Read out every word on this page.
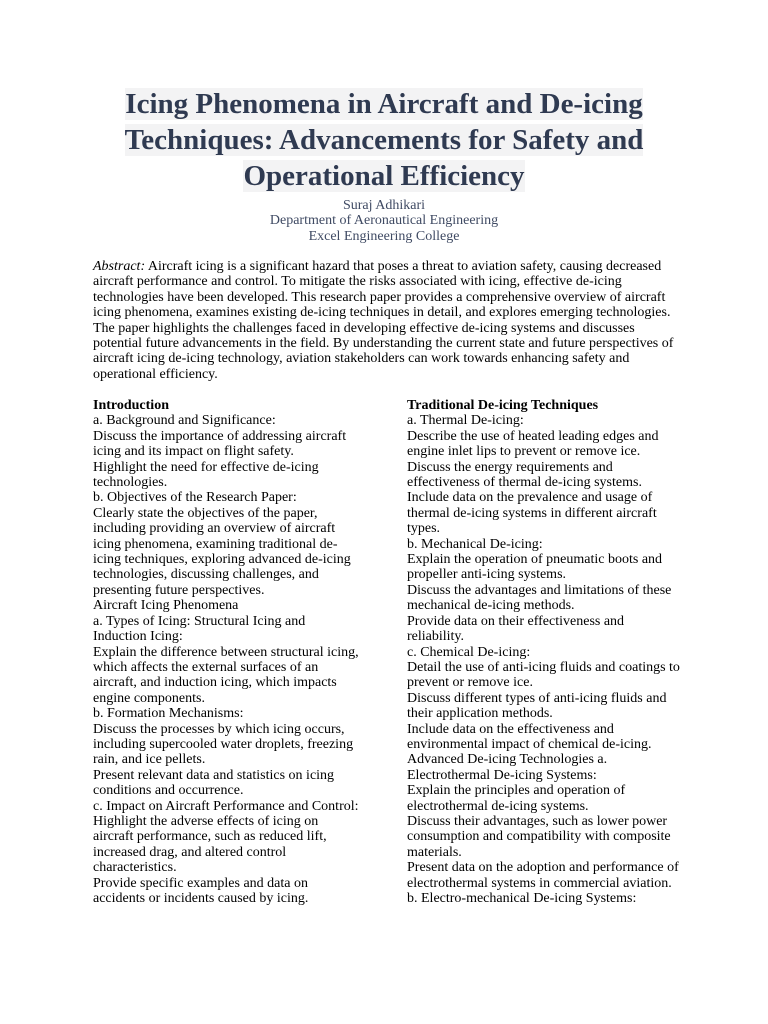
Icing Phenomena in Aircraft and De-icing
Techniques: Advancements for Safety and
Operational Efficiency
Suraj Adhikari
Department of Aeronautical Engineering
Excel Engineering College

Abstract: Aircraft icing is a significant hazard that poses a threat to aviation safety, causing decreased aircraft performance and control. To mitigate the risks associated with icing, effective de-icing technologies have been developed. This research paper provides a comprehensive overview of aircraft icing phenomena, examines existing de-icing techniques in detail, and explores emerging technologies. The paper highlights the challenges faced in developing effective de-icing systems and discusses potential future advancements in the field. By understanding the current state and future perspectives of aircraft icing de-icing technology, aviation stakeholders can work towards enhancing safety and operational efficiency.

Introduction
a. Background and Significance:
Discuss the importance of addressing aircraft icing and its impact on flight safety.
Highlight the need for effective de-icing technologies.
b. Objectives of the Research Paper:
Clearly state the objectives of the paper, including providing an overview of aircraft icing phenomena, examining traditional de-icing techniques, exploring advanced de-icing technologies, discussing challenges, and presenting future perspectives.
Aircraft Icing Phenomena
a. Types of Icing: Structural Icing and Induction Icing:
Explain the difference between structural icing, which affects the external surfaces of an aircraft, and induction icing, which impacts engine components.
b. Formation Mechanisms:
Discuss the processes by which icing occurs, including supercooled water droplets, freezing rain, and ice pellets.
Present relevant data and statistics on icing conditions and occurrence.
c. Impact on Aircraft Performance and Control:
Highlight the adverse effects of icing on aircraft performance, such as reduced lift, increased drag, and altered control characteristics.
Provide specific examples and data on accidents or incidents caused by icing.
Traditional De-icing Techniques
a. Thermal De-icing:
Describe the use of heated leading edges and engine inlet lips to prevent or remove ice.
Discuss the energy requirements and effectiveness of thermal de-icing systems.
Include data on the prevalence and usage of thermal de-icing systems in different aircraft types.
b. Mechanical De-icing:
Explain the operation of pneumatic boots and propeller anti-icing systems.
Discuss the advantages and limitations of these mechanical de-icing methods.
Provide data on their effectiveness and reliability.
c. Chemical De-icing:
Detail the use of anti-icing fluids and coatings to prevent or remove ice.
Discuss different types of anti-icing fluids and their application methods.
Include data on the effectiveness and environmental impact of chemical de-icing.
Advanced De-icing Technologies a.
Electrothermal De-icing Systems:
Explain the principles and operation of electrothermal de-icing systems.
Discuss their advantages, such as lower power consumption and compatibility with composite materials.
Present data on the adoption and performance of electrothermal systems in commercial aviation.
b. Electro-mechanical De-icing Systems:
